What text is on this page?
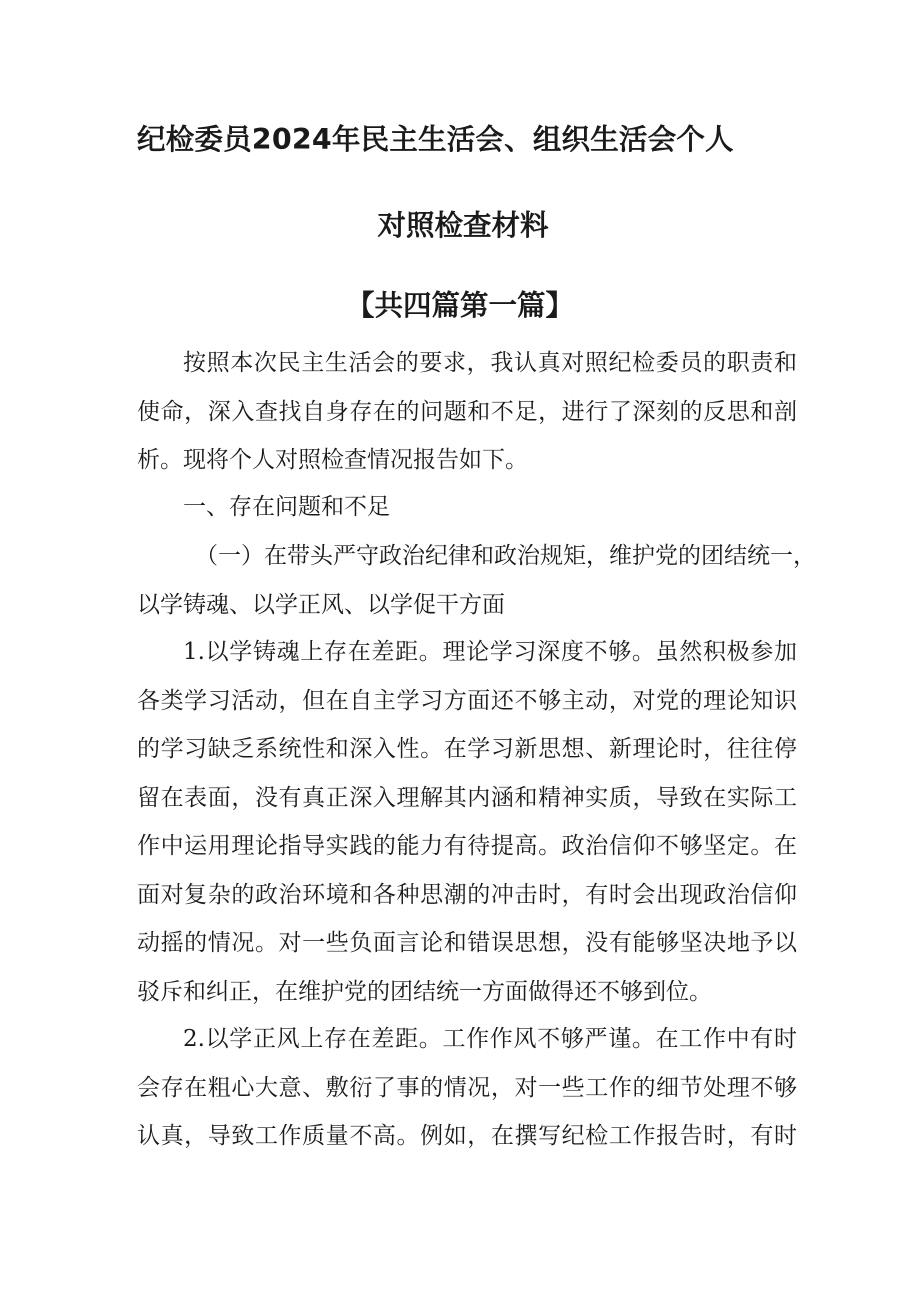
纪检委员2024年民主生活会、组织生活会个人
对照检查材料
【共四篇第一篇】
按照本次民主生活会的要求，我认真对照纪检委员的职责和
使命，深入查找自身存在的问题和不足，进行了深刻的反思和剖
析。现将个人对照检查情况报告如下。
一、存在问题和不足
（一）在带头严守政治纪律和政治规矩，维护党的团结统一，
以学铸魂、以学正风、以学促干方面
1.以学铸魂上存在差距。理论学习深度不够。虽然积极参加
各类学习活动，但在自主学习方面还不够主动，对党的理论知识
的学习缺乏系统性和深入性。在学习新思想、新理论时，往往停
留在表面，没有真正深入理解其内涵和精神实质，导致在实际工
作中运用理论指导实践的能力有待提高。政治信仰不够坚定。在
面对复杂的政治环境和各种思潮的冲击时，有时会出现政治信仰
动摇的情况。对一些负面言论和错误思想，没有能够坚决地予以
驳斥和纠正，在维护党的团结统一方面做得还不够到位。
2.以学正风上存在差距。工作作风不够严谨。在工作中有时
会存在粗心大意、敷衍了事的情况，对一些工作的细节处理不够
认真，导致工作质量不高。例如，在撰写纪检工作报告时，有时
